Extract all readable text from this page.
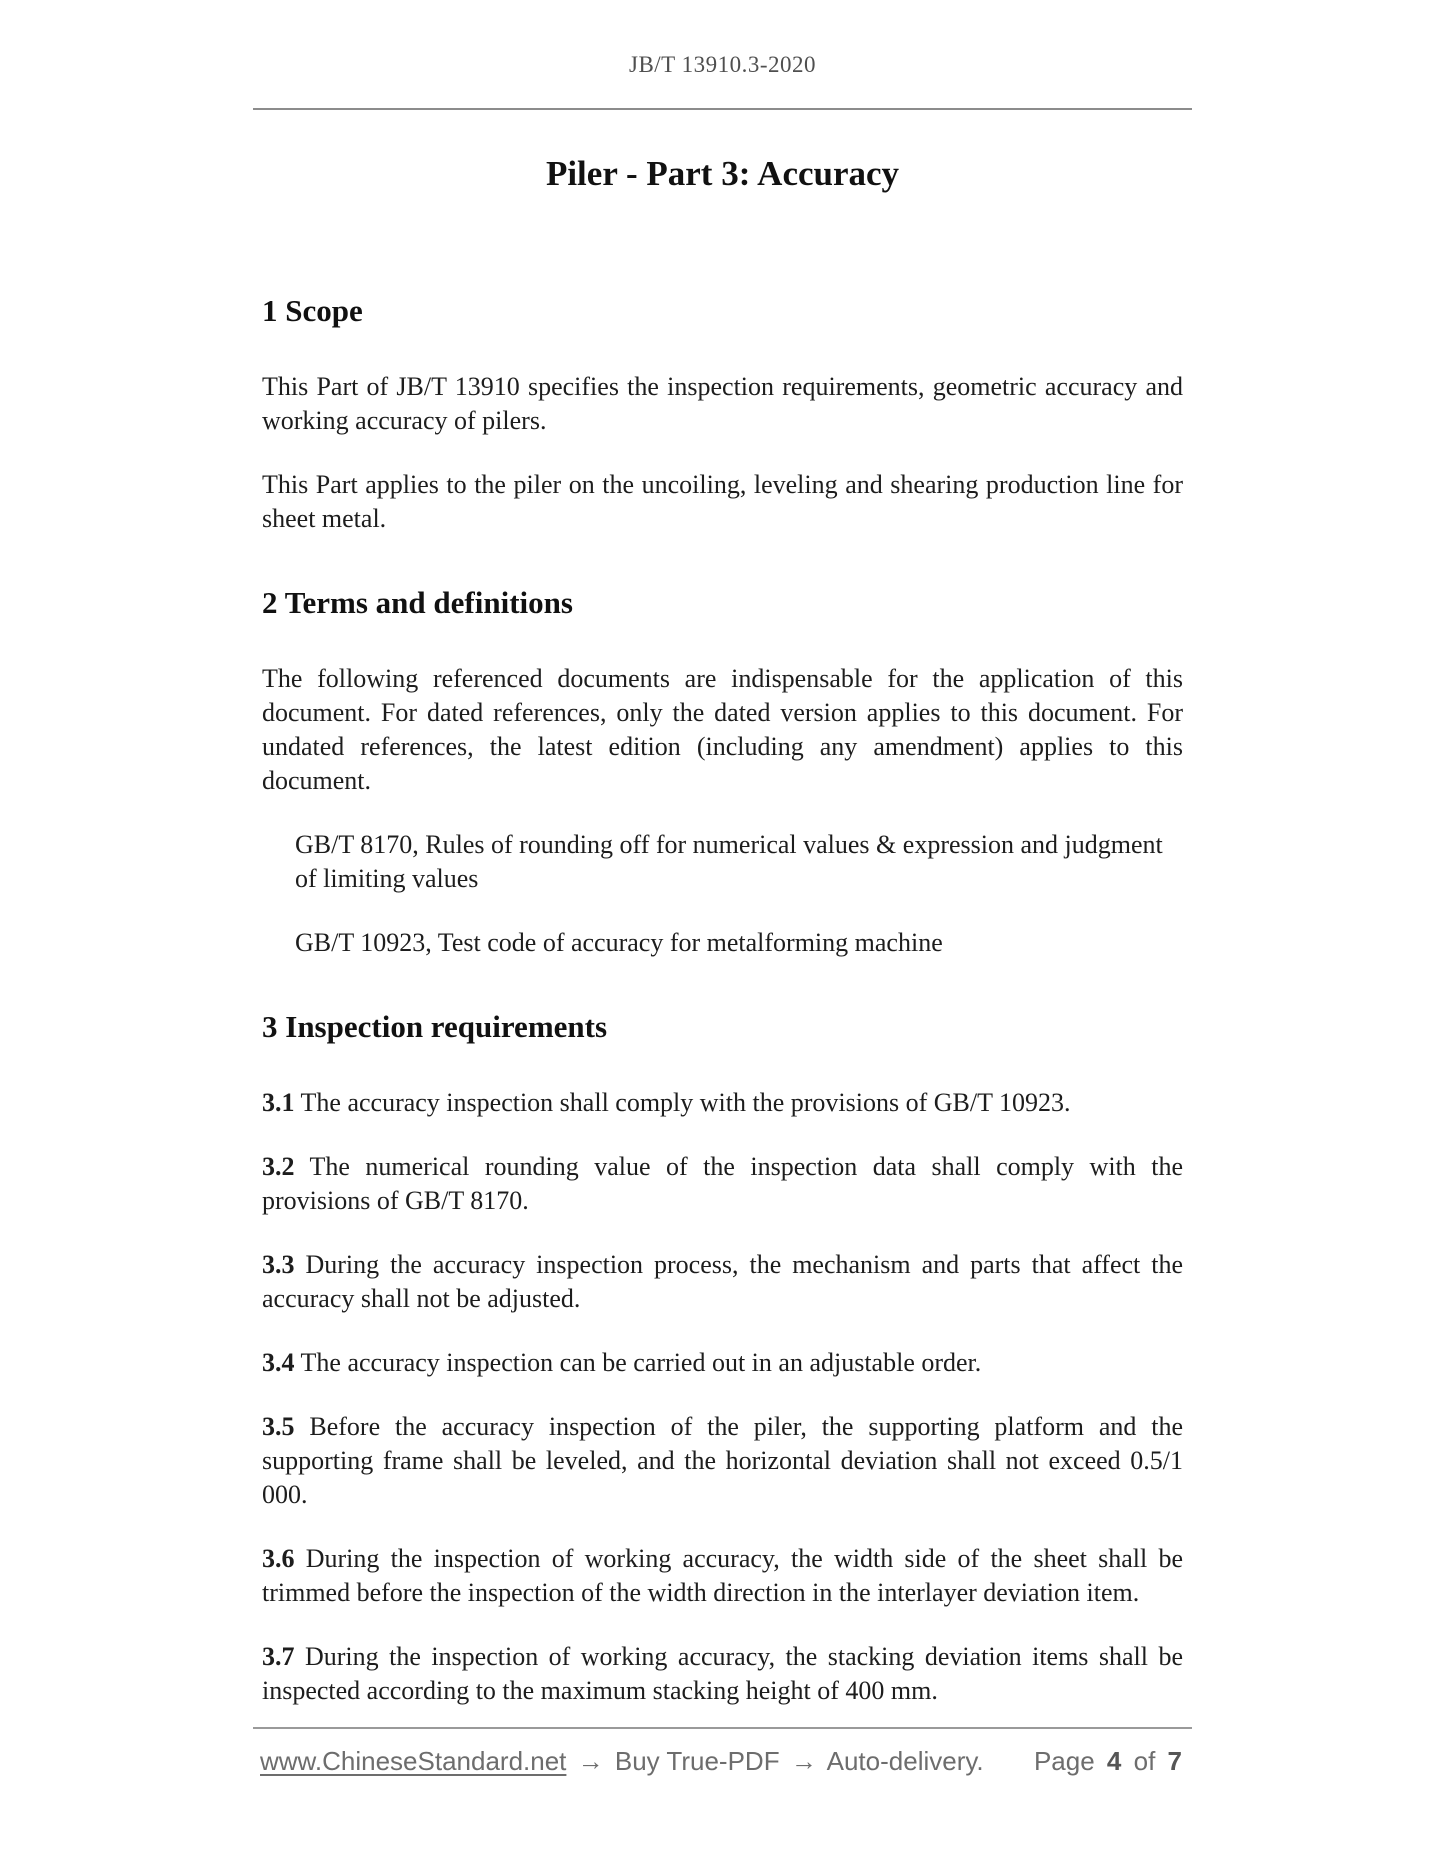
JB/T 13910.3-2020
Piler - Part 3: Accuracy
1 Scope

This Part of JB/T 13910 specifies the inspection requirements, geometric accuracy and working accuracy of pilers.

This Part applies to the piler on the uncoiling, leveling and shearing production line for sheet metal.

2 Terms and definitions

The following referenced documents are indispensable for the application of this document. For dated references, only the dated version applies to this document. For undated references, the latest edition (including any amendment) applies to this document.

GB/T 8170, Rules of rounding off for numerical values & expression and judgment of limiting values

GB/T 10923, Test code of accuracy for metalforming machine

3 Inspection requirements

3.1 The accuracy inspection shall comply with the provisions of GB/T 10923.

3.2 The numerical rounding value of the inspection data shall comply with the provisions of GB/T 8170.

3.3 During the accuracy inspection process, the mechanism and parts that affect the accuracy shall not be adjusted.

3.4 The accuracy inspection can be carried out in an adjustable order.

3.5 Before the accuracy inspection of the piler, the supporting platform and the supporting frame shall be leveled, and the horizontal deviation shall not exceed 0.5/1 000.

3.6 During the inspection of working accuracy, the width side of the sheet shall be trimmed before the inspection of the width direction in the interlayer deviation item.

3.7 During the inspection of working accuracy, the stacking deviation items shall be inspected according to the maximum stacking height of 400 mm.

www.ChineseStandard.net → Buy True-PDF → Auto-delivery. Page 4 of 7
